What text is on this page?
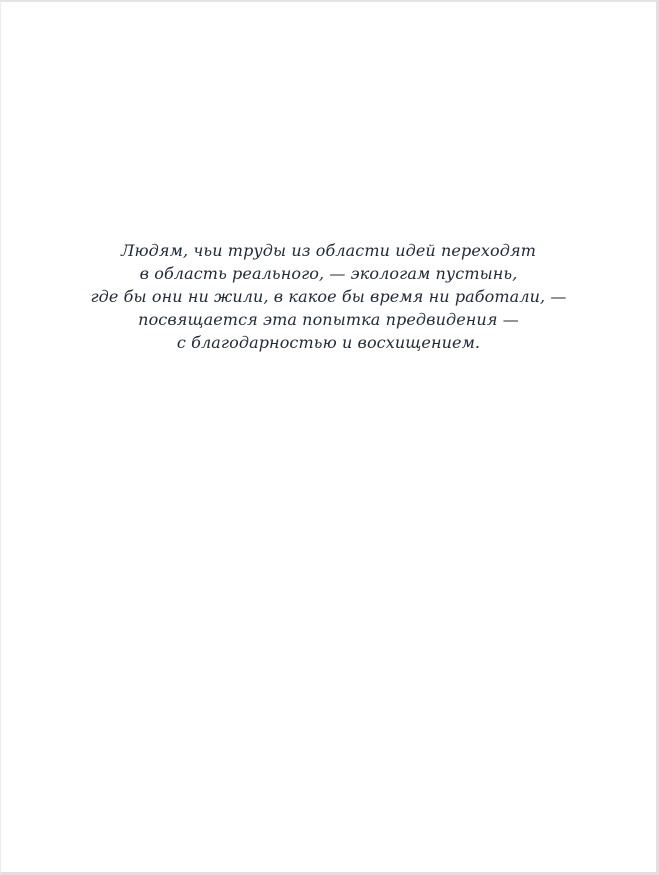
Людям, чьи труды из области идей переходят
в область реального, — экологам пустынь,
где бы они ни жили, в какое бы время ни работали, —
посвящается эта попытка предвидения —
с благодарностью и восхищением.
